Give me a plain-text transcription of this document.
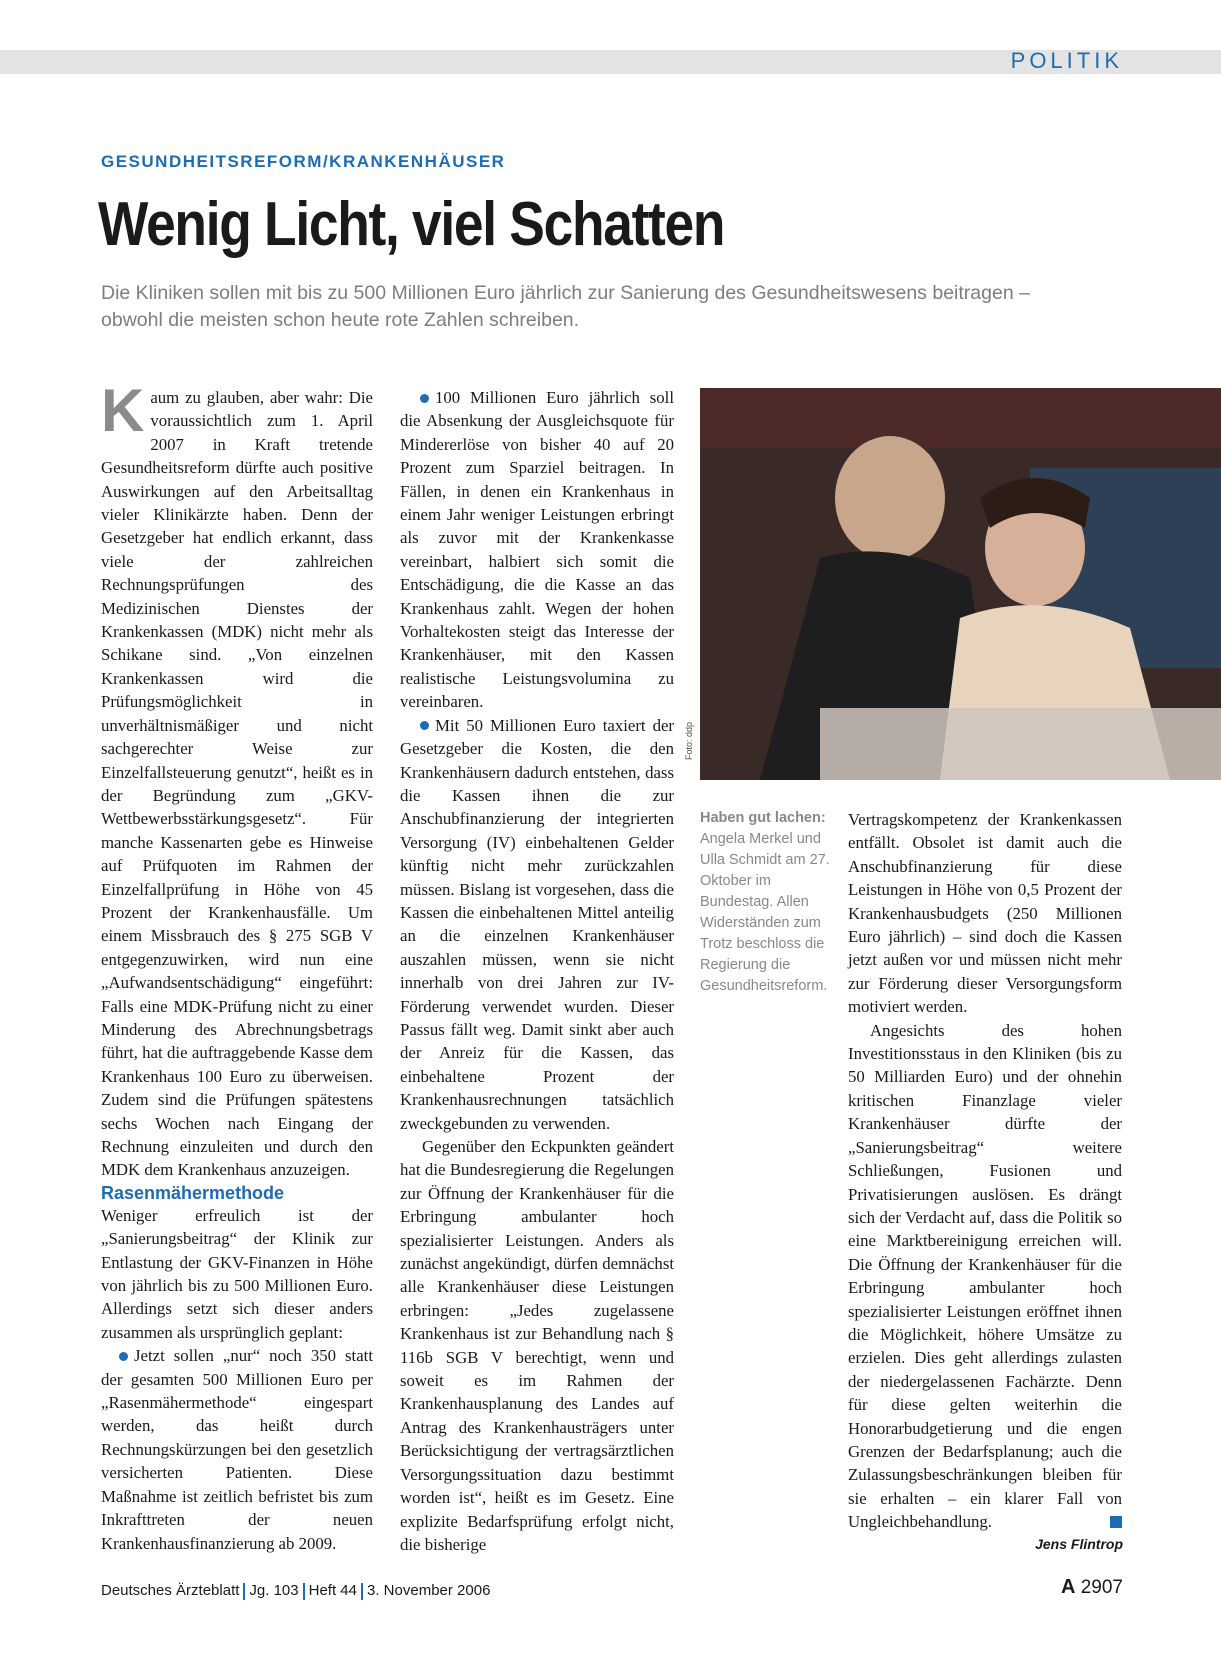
POLITIK
GESUNDHEITSREFORM/KRANKENHÄUSER
Wenig Licht, viel Schatten
Die Kliniken sollen mit bis zu 500 Millionen Euro jährlich zur Sanierung des Gesundheitswesens beitragen – obwohl die meisten schon heute rote Zahlen schreiben.

Kaum zu glauben, aber wahr: Die voraussichtlich zum 1. April 2007 in Kraft tretende Gesundheitsreform dürfte auch positive Auswirkungen auf den Arbeitsalltag vieler Klinikärzte haben. Denn der Gesetzgeber hat endlich erkannt, dass viele der zahlreichen Rechnungsprüfungen des Medizinischen Dienstes der Krankenkassen (MDK) nicht mehr als Schikane sind. „Von einzelnen Krankenkassen wird die Prüfungsmöglichkeit in unverhältnismäßiger und nicht sachgerechter Weise zur Einzelfallsteuerung genutzt“, heißt es in der Begründung zum „GKV-Wettbewerbsstärkungsgesetz“. Für manche Kassenarten gebe es Hinweise auf Prüfquoten im Rahmen der Einzelfallprüfung in Höhe von 45 Prozent der Krankenhausfälle. Um einem Missbrauch des § 275 SGB V entgegenzuwirken, wird nun eine „Aufwandsentschädigung“ eingeführt: Falls eine MDK-Prüfung nicht zu einer Minderung des Abrechnungsbetrags führt, hat die auftraggebende Kasse dem Krankenhaus 100 Euro zu überweisen. Zudem sind die Prüfungen spätestens sechs Wochen nach Eingang der Rechnung einzuleiten und durch den MDK dem Krankenhaus anzuzeigen.

Rasenmähermethode

Weniger erfreulich ist der „Sanierungsbeitrag“ der Klinik zur Entlastung der GKV-Finanzen in Höhe von jährlich bis zu 500 Millionen Euro. Allerdings setzt sich dieser anders zusammen als ursprünglich geplant:

Jetzt sollen „nur“ noch 350 statt der gesamten 500 Millionen Euro per „Rasenmähermethode“ eingespart werden, das heißt durch Rechnungskürzungen bei den gesetzlich versicherten Patienten. Diese Maßnahme ist zeitlich befristet bis zum Inkrafttreten der neuen Krankenhausfinanzierung ab 2009.

100 Millionen Euro jährlich soll die Absenkung der Ausgleichsquote für Mindererlöse von bisher 40 auf 20 Prozent zum Sparziel beitragen. In Fällen, in denen ein Krankenhaus in einem Jahr weniger Leistungen erbringt als zuvor mit der Krankenkasse vereinbart, halbiert sich somit die Entschädigung, die die Kasse an das Krankenhaus zahlt. Wegen der hohen Vorhaltekosten steigt das Interesse der Krankenhäuser, mit den Kassen realistische Leistungsvolumina zu vereinbaren.

Mit 50 Millionen Euro taxiert der Gesetzgeber die Kosten, die den Krankenhäusern dadurch entstehen, dass die Kassen ihnen die zur Anschubfinanzierung der integrierten Versorgung (IV) einbehaltenen Gelder künftig nicht mehr zurückzahlen müssen. Bislang ist vorgesehen, dass die Kassen die einbehaltenen Mittel anteilig an die einzelnen Krankenhäuser auszahlen müssen, wenn sie nicht innerhalb von drei Jahren zur IV-Förderung verwendet wurden. Dieser Passus fällt weg. Damit sinkt aber auch der Anreiz für die Kassen, das einbehaltene Prozent der Krankenhausrechnungen tatsächlich zweckgebunden zu verwenden.

Gegenüber den Eckpunkten geändert hat die Bundesregierung die Regelungen zur Öffnung der Krankenhäuser für die Erbringung ambulanter hoch spezialisierter Leistungen. Anders als zunächst angekündigt, dürfen demnächst alle Krankenhäuser diese Leistungen erbringen: „Jedes zugelassene Krankenhaus ist zur Behandlung nach § 116b SGB V berechtigt, wenn und soweit es im Rahmen der Krankenhausplanung des Landes auf Antrag des Krankenhausträgers unter Berücksichtigung der vertragsärztlichen Versorgungssituation dazu bestimmt worden ist“, heißt es im Gesetz. Eine explizite Bedarfsprüfung erfolgt nicht, die bisherige

Foto: ddp
Haben gut lachen: Angela Merkel und Ulla Schmidt am 27. Oktober im Bundestag. Allen Widerständen zum Trotz beschloss die Regierung die Gesundheitsreform.

Vertragskompetenz der Krankenkassen entfällt. Obsolet ist damit auch die Anschubfinanzierung für diese Leistungen in Höhe von 0,5 Prozent der Krankenhausbudgets (250 Millionen Euro jährlich) – sind doch die Kassen jetzt außen vor und müssen nicht mehr zur Förderung dieser Versorgungsform motiviert werden.

Angesichts des hohen Investitionsstaus in den Kliniken (bis zu 50 Milliarden Euro) und der ohnehin kritischen Finanzlage vieler Krankenhäuser dürfte der „Sanierungsbeitrag“ weitere Schließungen, Fusionen und Privatisierungen auslösen. Es drängt sich der Verdacht auf, dass die Politik so eine Marktbereinigung erreichen will. Die Öffnung der Krankenhäuser für die Erbringung ambulanter hoch spezialisierter Leistungen eröffnet ihnen die Möglichkeit, höhere Umsätze zu erzielen. Dies geht allerdings zulasten der niedergelassenen Fachärzte. Denn für diese gelten weiterhin die Honorarbudgetierung und die engen Grenzen der Bedarfsplanung; auch die Zulassungsbeschränkungen bleiben für sie erhalten – ein klarer Fall von Ungleichbehandlung.

Jens Flintrop
Deutsches Ärzteblatt Jg. 103 Heft 44 3. November 2006	A 2907
